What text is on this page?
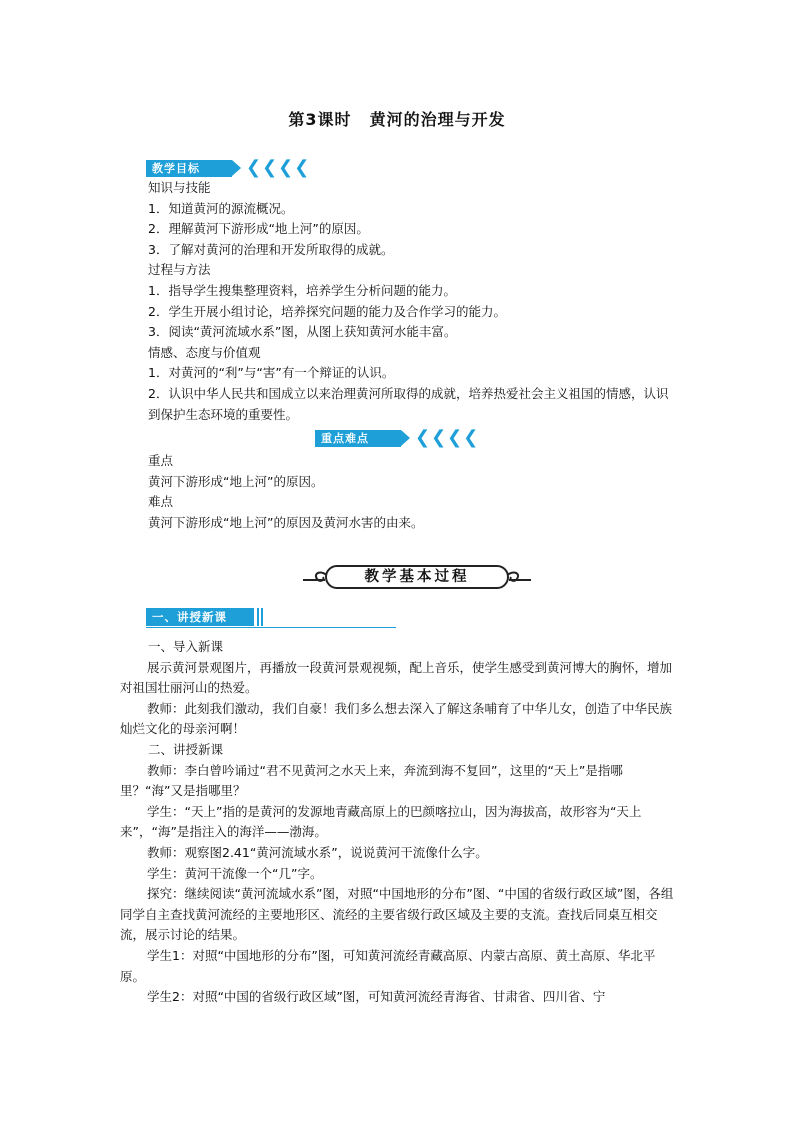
第3课时 黄河的治理与开发
教学目标	❮❮❮❮

知识与技能

1．知道黄河的源流概况。

2．理解黄河下游形成“地上河”的原因。

3．了解对黄河的治理和开发所取得的成就。

过程与方法

1．指导学生搜集整理资料，培养学生分析问题的能力。

2．学生开展小组讨论，培养探究问题的能力及合作学习的能力。

3．阅读“黄河流域水系”图，从图上获知黄河水能丰富。

情感、态度与价值观

1．对黄河的“利”与“害”有一个辩证的认识。

2．认识中华人民共和国成立以来治理黄河所取得的成就，培养热爱社会主义祖国的情感，认识到保护生态环境的重要性。

重点难点	❮❮❮❮

重点

黄河下游形成“地上河”的原因。

难点

黄河下游形成“地上河”的原因及黄河水害的由来。

教学基本过程
一、讲授新课

一、导入新课

展示黄河景观图片，再播放一段黄河景观视频，配上音乐，使学生感受到黄河博大的胸怀，增加对祖国壮丽河山的热爱。

教师：此刻我们激动，我们自豪！我们多么想去深入了解这条哺育了中华儿女，创造了中华民族灿烂文化的母亲河啊！

二、讲授新课

教师：李白曾吟诵过“君不见黄河之水天上来，奔流到海不复回”，这里的“天上”是指哪里？“海”又是指哪里？

学生：“天上”指的是黄河的发源地青藏高原上的巴颜喀拉山，因为海拔高，故形容为“天上来”，“海”是指注入的海洋——渤海。

教师：观察图2.41“黄河流域水系”，说说黄河干流像什么字。

学生：黄河干流像一个“几”字。

探究：继续阅读“黄河流域水系”图，对照“中国地形的分布”图、“中国的省级行政区域”图，各组同学自主查找黄河流经的主要地形区、流经的主要省级行政区域及主要的支流。查找后同桌互相交流，展示讨论的结果。

学生1：对照“中国地形的分布”图，可知黄河流经青藏高原、内蒙古高原、黄土高原、华北平原。

学生2：对照“中国的省级行政区域”图，可知黄河流经青海省、甘肃省、四川省、宁
